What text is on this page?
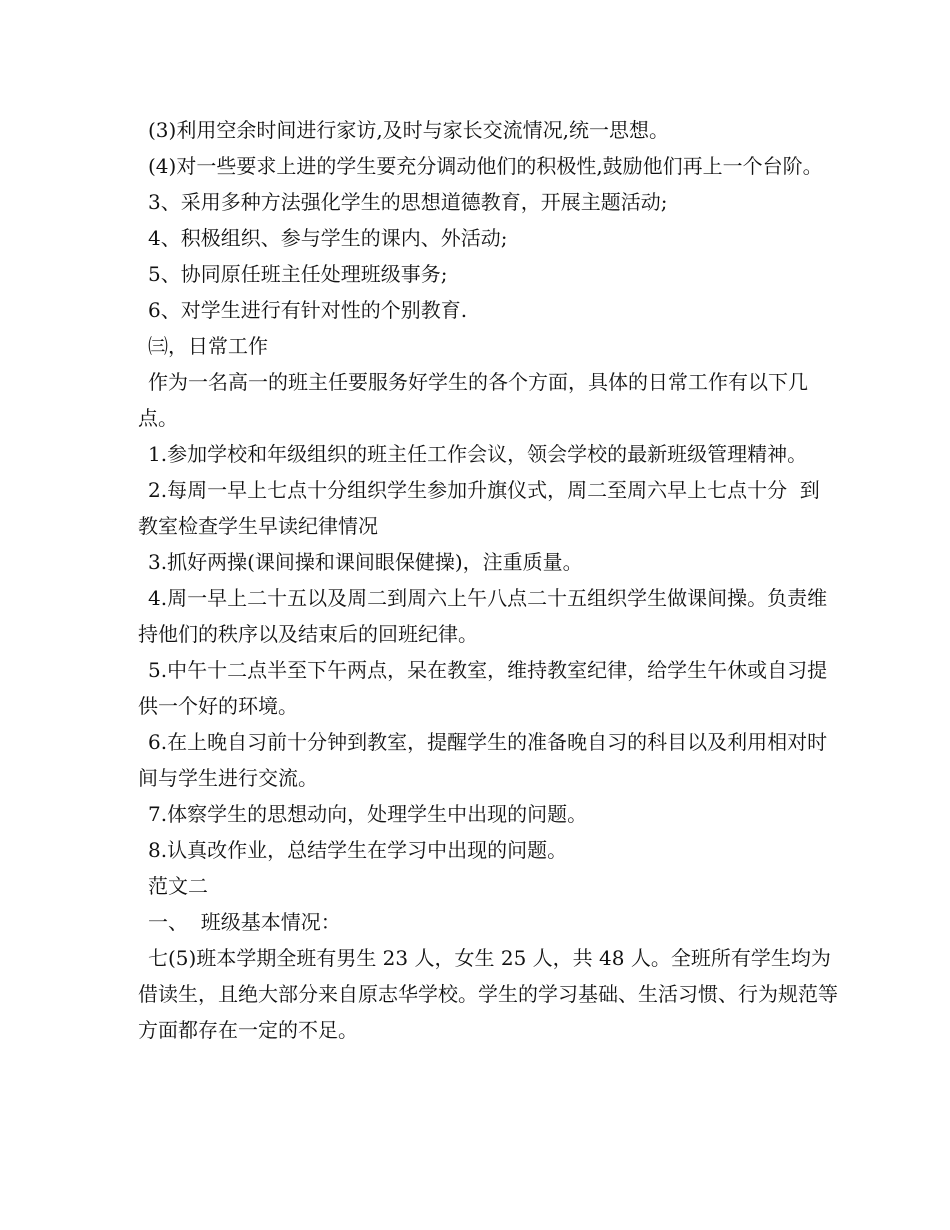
(3)利用空余时间进行家访,及时与家长交流情况,统一思想。

(4)对一些要求上进的学生要充分调动他们的积极性,鼓励他们再上一个台阶。

3、采用多种方法强化学生的思想道德教育，开展主题活动;

4、积极组织、参与学生的课内、外活动;

5、协同原任班主任处理班级事务;

6、对学生进行有针对性的个别教育.

㈢，日常工作

作为一名高一的班主任要服务好学生的各个方面，具体的日常工作有以下几点。

1.参加学校和年级组织的班主任工作会议，领会学校的最新班级管理精神。

2.每周一早上七点十分组织学生参加升旗仪式，周二至周六早上七点十分  到教室检查学生早读纪律情况

3.抓好两操(课间操和课间眼保健操)，注重质量。

4.周一早上二十五以及周二到周六上午八点二十五组织学生做课间操。负责维持他们的秩序以及结束后的回班纪律。

5.中午十二点半至下午两点，呆在教室，维持教室纪律，给学生午休或自习提供一个好的环境。

6.在上晚自习前十分钟到教室，提醒学生的准备晚自习的科目以及利用相对时间与学生进行交流。

7.体察学生的思想动向，处理学生中出现的问题。

8.认真改作业，总结学生在学习中出现的问题。

范文二

一、  班级基本情况：

七(5)班本学期全班有男生 23 人，女生 25 人，共 48 人。全班所有学生均为借读生，且绝大部分来自原志华学校。学生的学习基础、生活习惯、行为规范等方面都存在一定的不足。
